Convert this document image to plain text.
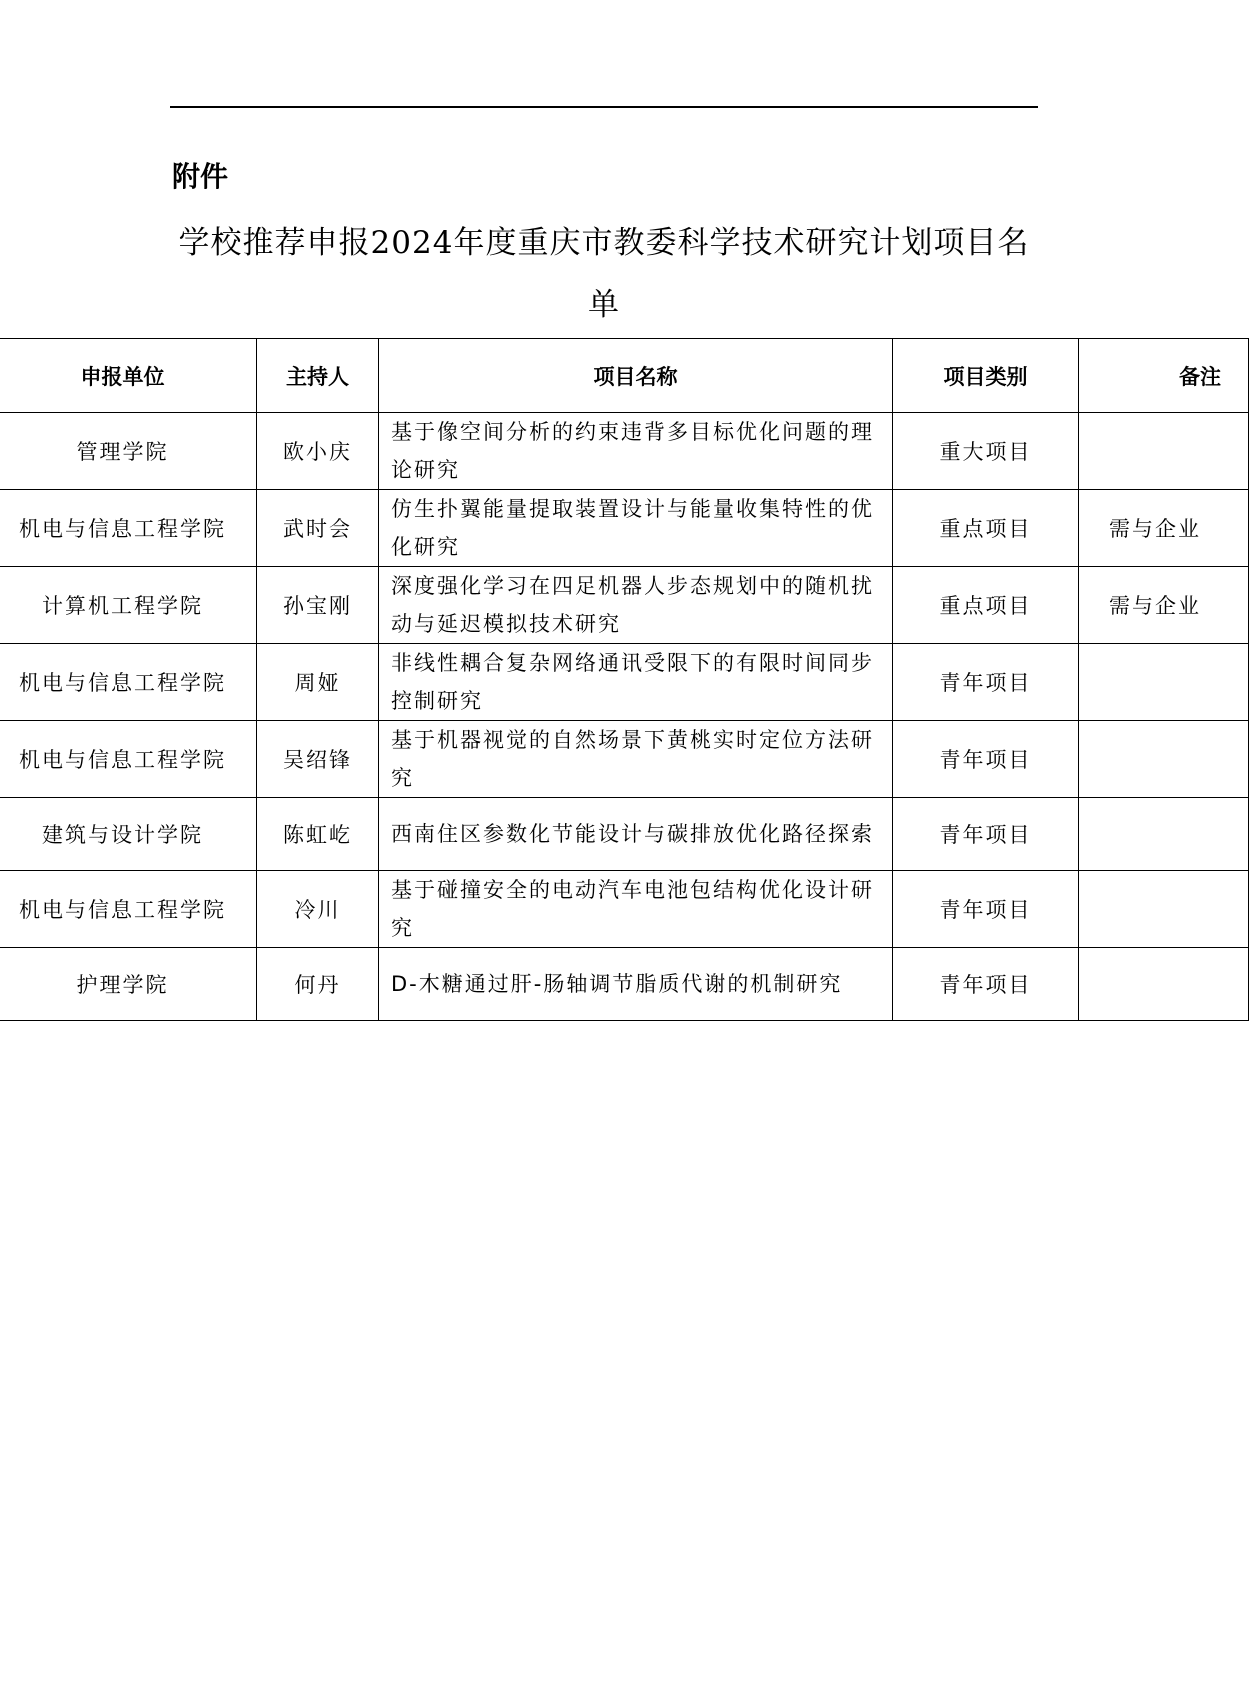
附件
学校推荐申报2024年度重庆市教委科学技术研究计划项目名单
申报单位	主持人	项目名称	项目类别	备注
管理学院	欧小庆	基于像空间分析的约束违背多目标优化问题的理论研究	重大项目	
机电与信息工程学院	武时会	仿生扑翼能量提取装置设计与能量收集特性的优化研究	重点项目	需与企业
计算机工程学院	孙宝刚	深度强化学习在四足机器人步态规划中的随机扰动与延迟模拟技术研究	重点项目	需与企业
机电与信息工程学院	周娅	非线性耦合复杂网络通讯受限下的有限时间同步控制研究	青年项目	
机电与信息工程学院	吴绍锋	基于机器视觉的自然场景下黄桃实时定位方法研究	青年项目	
建筑与设计学院	陈虹屹	西南住区参数化节能设计与碳排放优化路径探索	青年项目	
机电与信息工程学院	冷川	基于碰撞安全的电动汽车电池包结构优化设计研究	青年项目	
护理学院	何丹	D-木糖通过肝-肠轴调节脂质代谢的机制研究	青年项目	
